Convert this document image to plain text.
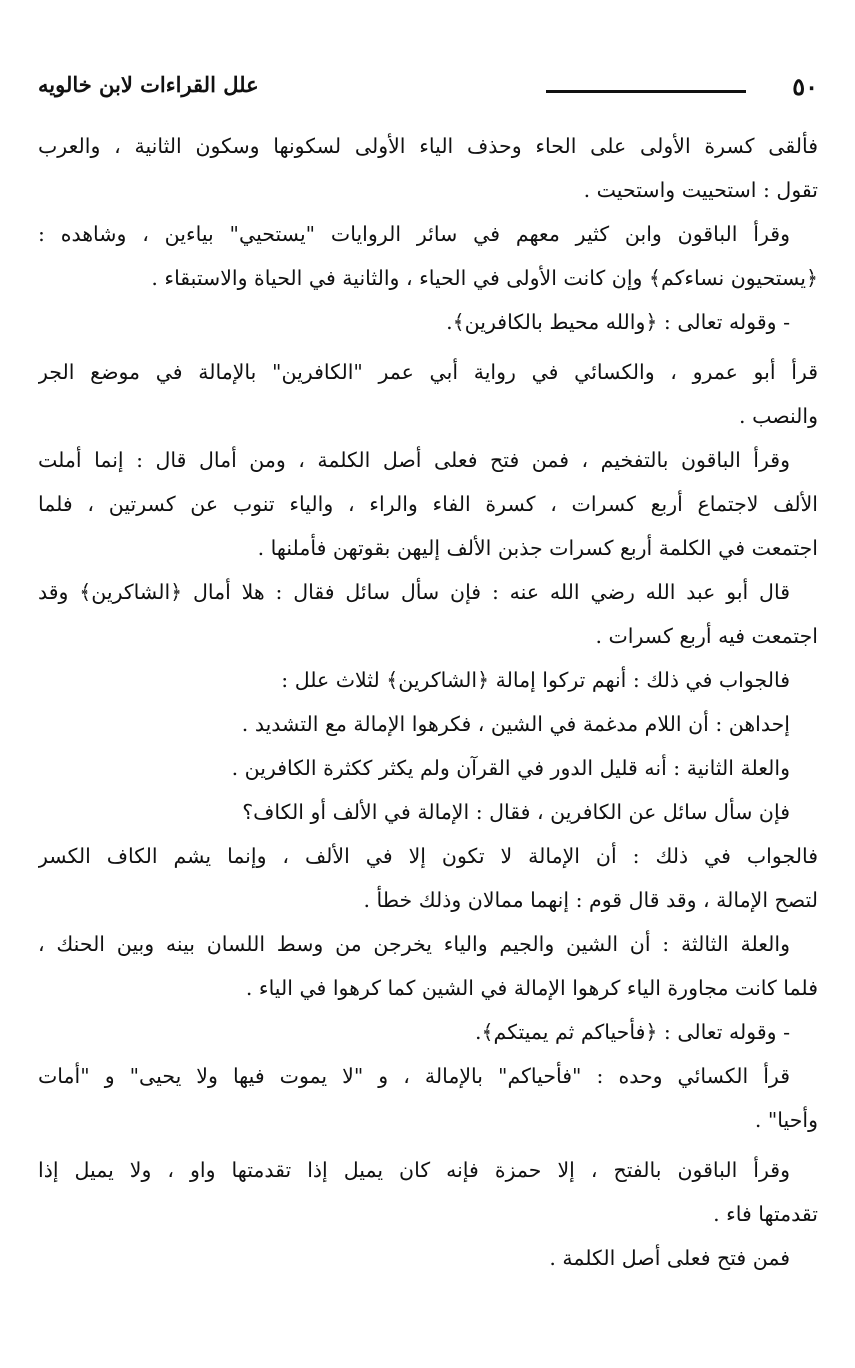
٥٠
علل القراءات لابن خالويه
فألقى كسرة الأولى على الحاء وحذف الياء الأولى لسكونها وسكون الثانية ، والعرب
تقول : استحييت واستحيت .
وقرأ الباقون وابن كثير معهم في سائر الروايات "يستحيي" بياءين ، وشاهده :
﴿يستحيون نساءكم﴾ وإن كانت الأولى في الحياء ، والثانية في الحياة والاستبقاء .
- وقوله تعالى : ﴿والله محيط بالكافرين﴾.
قرأ أبو عمرو ، والكسائي في رواية أبي عمر "الكافرين" بالإمالة في موضع الجر
والنصب .
وقرأ الباقون بالتفخيم ، فمن فتح فعلى أصل الكلمة ، ومن أمال قال : إنما أملت
الألف لاجتماع أربع كسرات ، كسرة الفاء والراء ، والياء تنوب عن كسرتين ، فلما
اجتمعت في الكلمة أربع كسرات جذبن الألف إليهن بقوتهن فأملنها .
قال أبو عبد الله رضي الله عنه : فإن سأل سائل فقال : هلا أمال ﴿الشاكرين﴾ وقد
اجتمعت فيه أربع كسرات .
فالجواب في ذلك : أنهم تركوا إمالة ﴿الشاكرين﴾ لثلاث علل :
إحداهن : أن اللام مدغمة في الشين ، فكرهوا الإمالة مع التشديد .
والعلة الثانية : أنه قليل الدور في القرآن ولم يكثر ككثرة الكافرين .
فإن سأل سائل عن الكافرين ، فقال : الإمالة في الألف أو الكاف؟
فالجواب في ذلك : أن الإمالة لا تكون إلا في الألف ، وإنما يشم الكاف الكسر
لتصح الإمالة ، وقد قال قوم : إنهما ممالان وذلك خطأ .
والعلة الثالثة : أن الشين والجيم والياء يخرجن من وسط اللسان بينه وبين الحنك ،
فلما كانت مجاورة الياء كرهوا الإمالة في الشين كما كرهوا في الياء .
- وقوله تعالى : ﴿فأحياكم ثم يميتكم﴾.
قرأ الكسائي وحده : "فأحياكم" بالإمالة ، و "لا يموت فيها ولا يحيى" و "أمات
وأحيا" .
وقرأ الباقون بالفتح ، إلا حمزة فإنه كان يميل إذا تقدمتها واو ، ولا يميل إذا
تقدمتها فاء .
فمن فتح فعلى أصل الكلمة .
